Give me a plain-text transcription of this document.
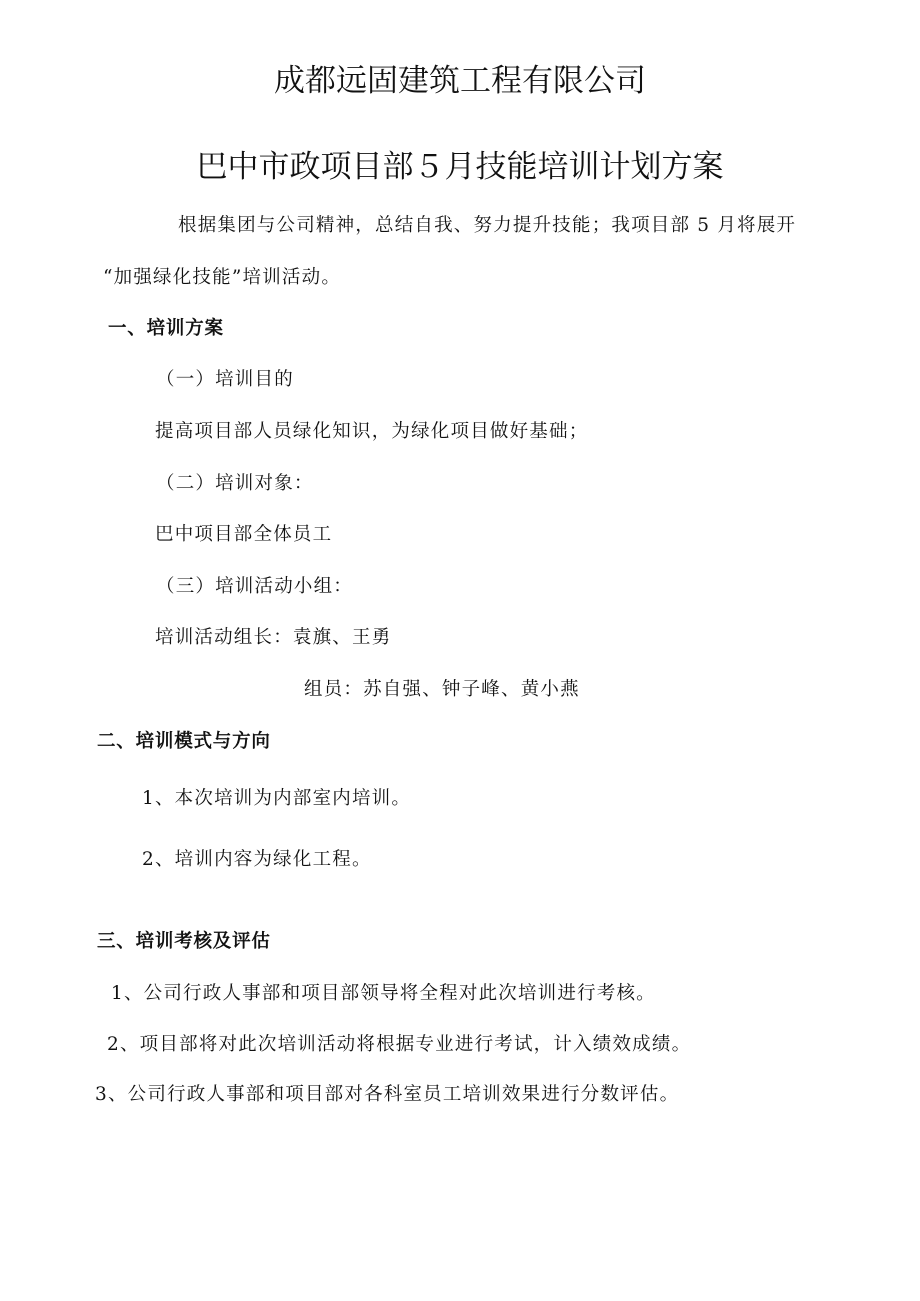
成都远固建筑工程有限公司
巴中市政项目部５月技能培训计划方案
根据集团与公司精神，总结自我、努力提升技能；我项目部 5 月将展开
“加强绿化技能”培训活动。
一、培训方案
（一）培训目的
提高项目部人员绿化知识，为绿化项目做好基础；
（二）培训对象：
巴中项目部全体员工
（三）培训活动小组：
培训活动组长：袁旗、王勇
组员：苏自强、钟子峰、黄小燕
二、培训模式与方向
1、本次培训为内部室内培训。
2、培训内容为绿化工程。
三、培训考核及评估
1、公司行政人事部和项目部领导将全程对此次培训进行考核。
2、项目部将对此次培训活动将根据专业进行考试，计入绩效成绩。
3、公司行政人事部和项目部对各科室员工培训效果进行分数评估。
